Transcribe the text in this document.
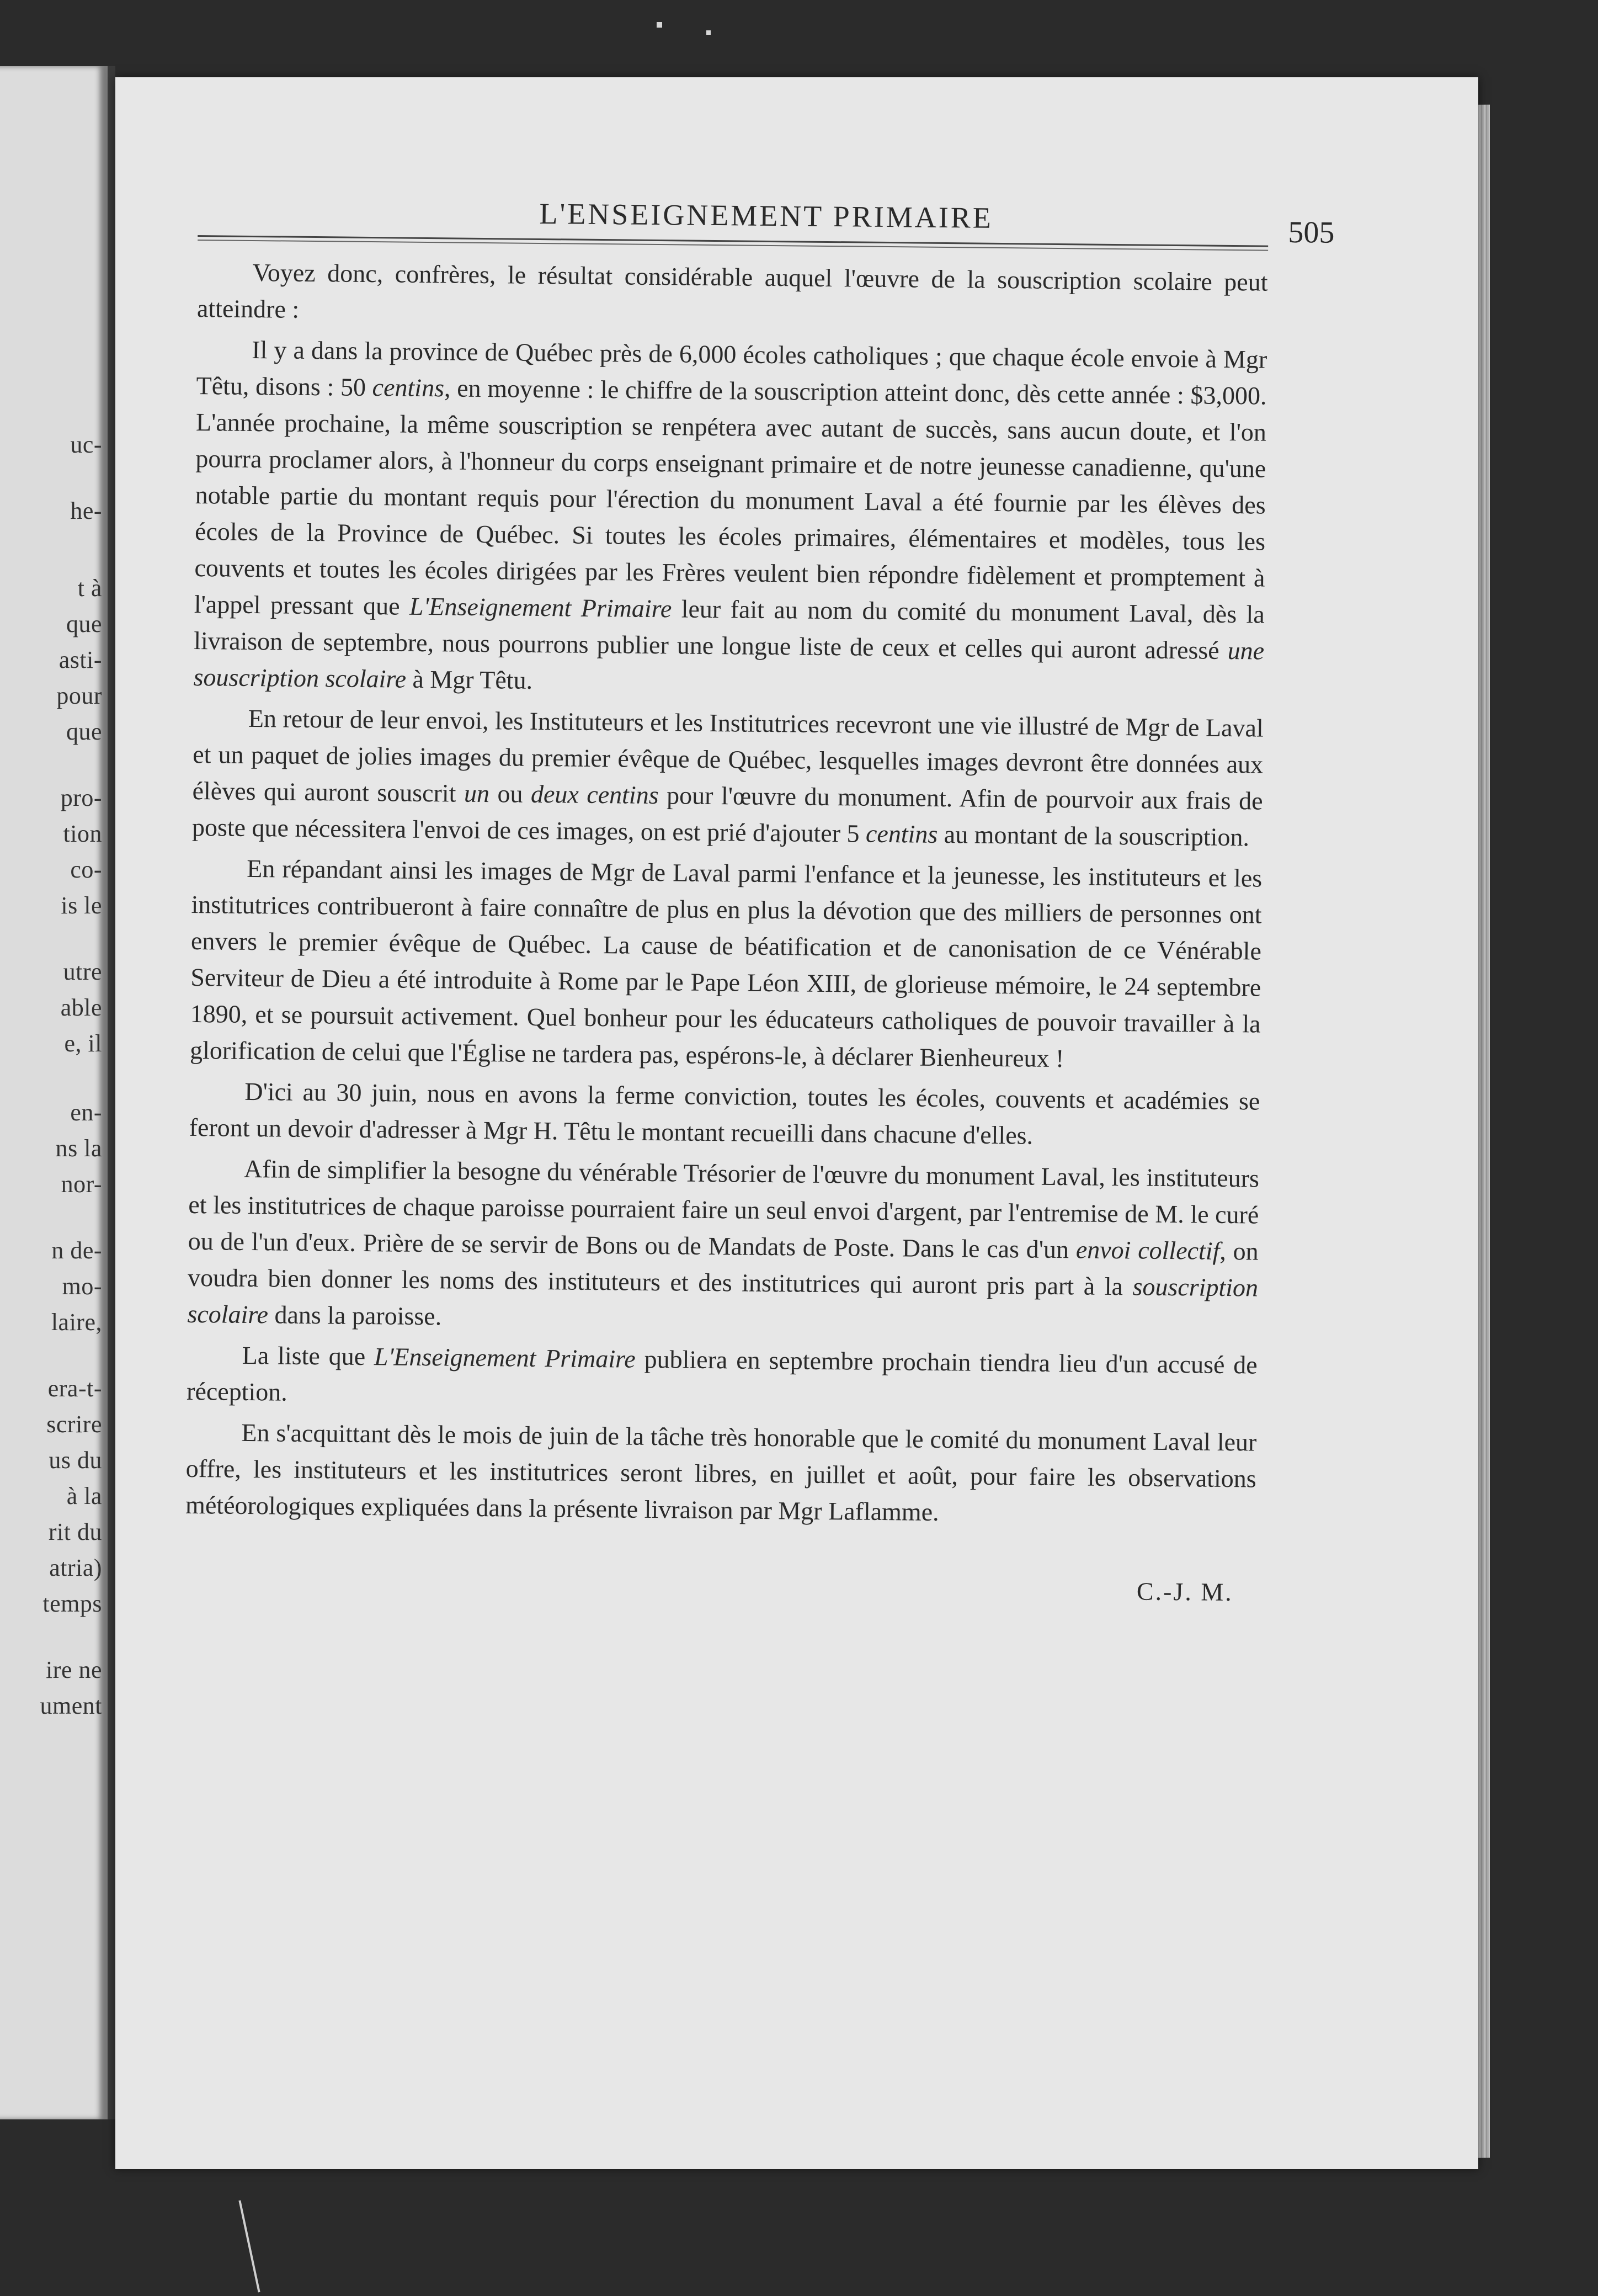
uc-
he-
t à
que
asti-
pour
que
pro-
tion
co-
is le
utre
able
e, il
en-
ns la
nor-
n de-
mo-
laire,
era-t-
scrire
us du
à la
rit du
atria)
temps
ire ne
ument
L'ENSEIGNEMENT PRIMAIRE	505

Voyez donc, confrères, le résultat considérable auquel l'œuvre de la souscription scolaire peut atteindre :

Il y a dans la province de Québec près de 6,000 écoles catholiques ; que chaque école envoie à Mgr Têtu, disons : 50 centins, en moyenne : le chiffre de la souscription atteint donc, dès cette année : $3,000. L'année prochaine, la même souscription se renpétera avec autant de succès, sans aucun doute, et l'on pourra proclamer alors, à l'honneur du corps enseignant primaire et de notre jeunesse canadienne, qu'une notable partie du montant requis pour l'érection du monument Laval a été fournie par les élèves des écoles de la Province de Québec. Si toutes les écoles primaires, élémentaires et modèles, tous les couvents et toutes les écoles dirigées par les Frères veulent bien répondre fidèlement et promptement à l'appel pressant que L'Enseignement Primaire leur fait au nom du comité du monument Laval, dès la livraison de septembre, nous pourrons publier une longue liste de ceux et celles qui auront adressé une souscription scolaire à Mgr Têtu.

En retour de leur envoi, les Instituteurs et les Institutrices recevront une vie illustré de Mgr de Laval et un paquet de jolies images du premier évêque de Québec, lesquelles images devront être données aux élèves qui auront souscrit un ou deux centins pour l'œuvre du monument. Afin de pourvoir aux frais de poste que nécessitera l'envoi de ces images, on est prié d'ajouter 5 centins au montant de la souscription.

En répandant ainsi les images de Mgr de Laval parmi l'enfance et la jeunesse, les instituteurs et les institutrices contribueront à faire connaître de plus en plus la dévotion que des milliers de personnes ont envers le premier évêque de Québec. La cause de béatification et de canonisation de ce Vénérable Serviteur de Dieu a été introduite à Rome par le Pape Léon XIII, de glorieuse mémoire, le 24 septembre 1890, et se poursuit activement. Quel bonheur pour les éducateurs catholiques de pouvoir travailler à la glorification de celui que l'Église ne tardera pas, espérons-le, à déclarer Bienheureux !

D'ici au 30 juin, nous en avons la ferme conviction, toutes les écoles, couvents et académies se feront un devoir d'adresser à Mgr H. Têtu le montant recueilli dans chacune d'elles.

Afin de simplifier la besogne du vénérable Trésorier de l'œuvre du monument Laval, les instituteurs et les institutrices de chaque paroisse pourraient faire un seul envoi d'argent, par l'entremise de M. le curé ou de l'un d'eux. Prière de se servir de Bons ou de Mandats de Poste. Dans le cas d'un envoi collectif, on voudra bien donner les noms des instituteurs et des institutrices qui auront pris part à la souscription scolaire dans la paroisse.

La liste que L'Enseignement Primaire publiera en septembre prochain tiendra lieu d'un accusé de réception.

En s'acquittant dès le mois de juin de la tâche très honorable que le comité du monument Laval leur offre, les instituteurs et les institutrices seront libres, en juillet et août, pour faire les observations météorologiques expliquées dans la présente livraison par Mgr Laflamme.

C.-J. M.
